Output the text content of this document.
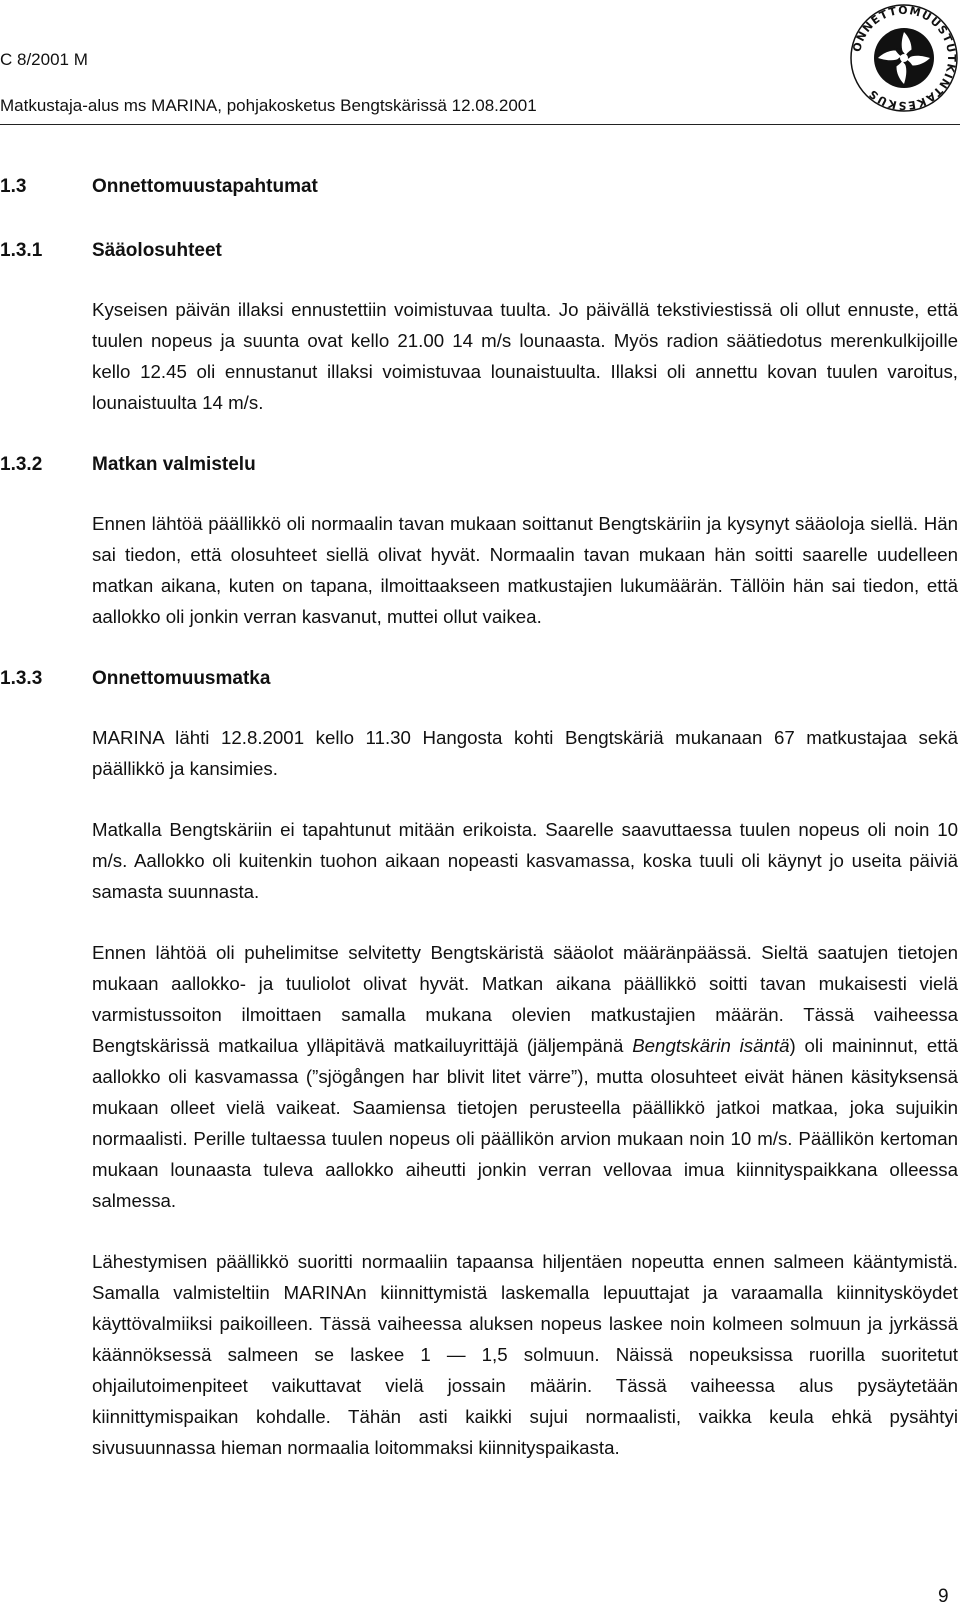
C 8/2001 M
Matkustaja-alus ms MARINA, pohjakosketus Bengtskärissä 12.08.2001
ONNETTOMUUSTUTKINTAKESKUS
1.3	Onnettomuustapahtumat
1.3.1	Sääolosuhteet

Kyseisen päivän illaksi ennustettiin voimistuvaa tuulta. Jo päivällä tekstiviestissä oli ollut ennuste, että tuulen nopeus ja suunta ovat kello 21.00 14 m/s lounaasta. Myös radion säätiedotus merenkulkijoille kello 12.45 oli ennustanut illaksi voimistuvaa lounaistuulta. Illaksi oli annettu kovan tuulen varoitus, lounaistuulta 14 m/s.

1.3.2	Matkan valmistelu

Ennen lähtöä päällikkö oli normaalin tavan mukaan soittanut Bengtskäriin ja kysynyt sääoloja siellä. Hän sai tiedon, että olosuhteet siellä olivat hyvät. Normaalin tavan mukaan hän soitti saarelle uudelleen matkan aikana, kuten on tapana, ilmoittaakseen matkustajien lukumäärän. Tällöin hän sai tiedon, että aallokko oli jonkin verran kasvanut, muttei ollut vaikea.

1.3.3	Onnettomuusmatka

MARINA lähti 12.8.2001 kello 11.30 Hangosta kohti Bengtskäriä mukanaan 67 matkustajaa sekä päällikkö ja kansimies.

Matkalla Bengtskäriin ei tapahtunut mitään erikoista. Saarelle saavuttaessa tuulen nopeus oli noin 10 m/s. Aallokko oli kuitenkin tuohon aikaan nopeasti kasvamassa, koska tuuli oli käynyt jo useita päiviä samasta suunnasta.

Ennen lähtöä oli puhelimitse selvitetty Bengtskäristä sääolot määränpäässä. Sieltä saatujen tietojen mukaan aallokko- ja tuuliolot olivat hyvät. Matkan aikana päällikkö soitti tavan mukaisesti vielä varmistussoiton ilmoittaen samalla mukana olevien matkustajien määrän. Tässä vaiheessa Bengtskärissä matkailua ylläpitävä matkailuyrittäjä (jäljempänä Bengtskärin isäntä) oli maininnut, että aallokko oli kasvamassa (”sjögången har blivit litet värre”), mutta olosuhteet eivät hänen käsityksensä mukaan olleet vielä vaikeat. Saamiensa tietojen perusteella päällikkö jatkoi matkaa, joka sujuikin normaalisti. Perille tultaessa tuulen nopeus oli päällikön arvion mukaan noin 10 m/s. Päällikön kertoman mukaan lounaasta tuleva aallokko aiheutti jonkin verran vellovaa imua kiinnityspaikkana olleessa salmessa.

Lähestymisen päällikkö suoritti normaaliin tapaansa hiljentäen nopeutta ennen salmeen kääntymistä. Samalla valmisteltiin MARINAn kiinnittymistä laskemalla lepuuttajat ja varaamalla kiinnitysköydet käyttövalmiiksi paikoilleen. Tässä vaiheessa aluksen nopeus laskee noin kolmeen solmuun ja jyrkässä käännöksessä salmeen se laskee 1 — 1,5 solmuun. Näissä nopeuksissa ruorilla suoritetut ohjailutoimenpiteet vaikuttavat vielä jossain määrin. Tässä vaiheessa alus pysäytetään kiinnittymispaikan kohdalle. Tähän asti kaikki sujui normaalisti, vaikka keula ehkä pysähtyi sivusuunnassa hieman normaalia loitommaksi kiinnityspaikasta.

9
